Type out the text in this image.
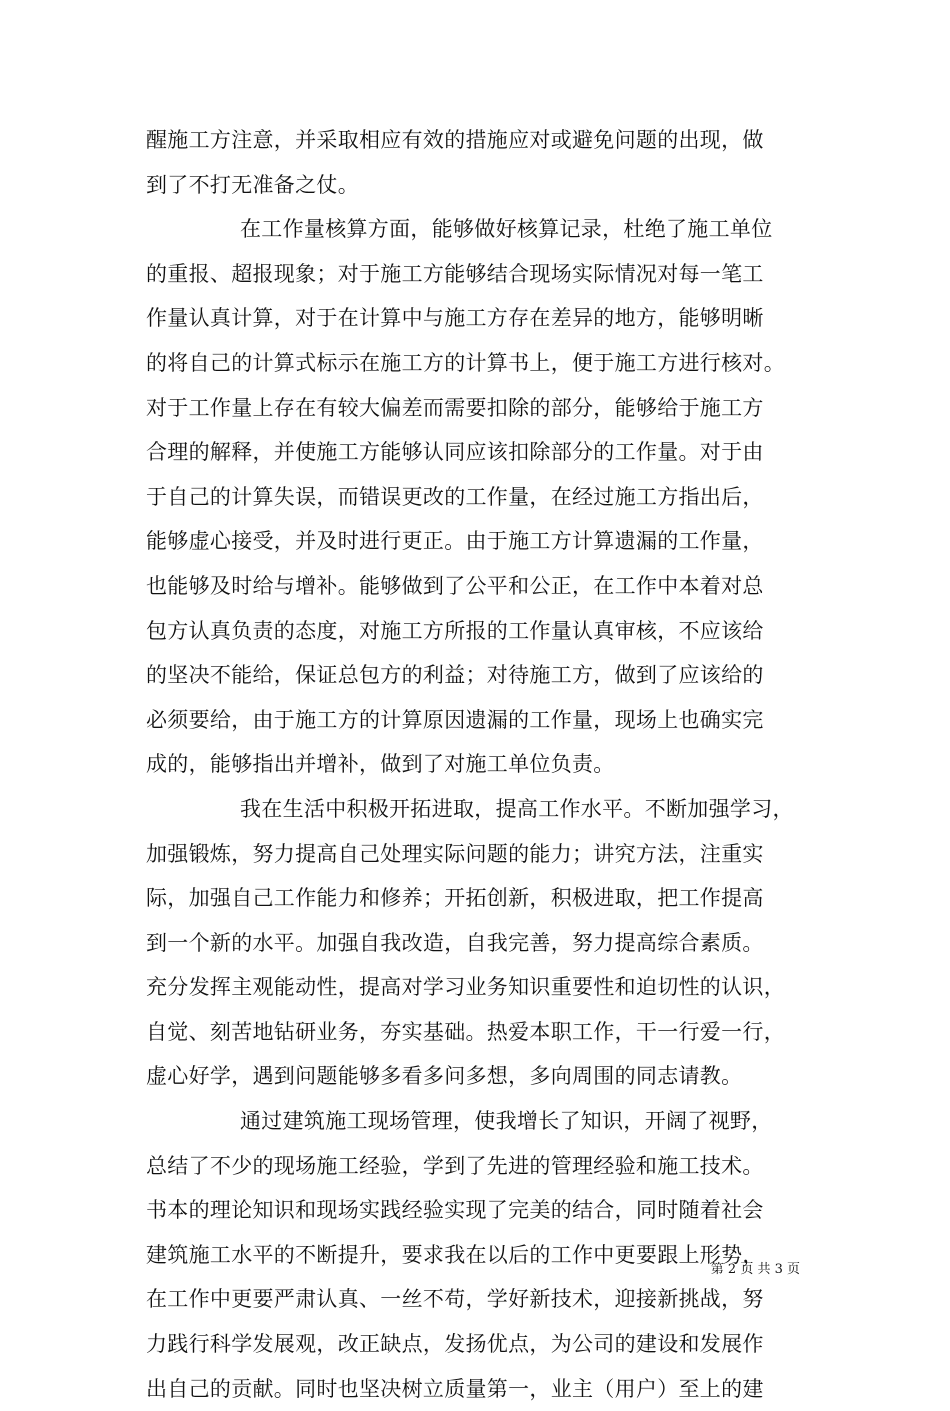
醒施工方注意，并采取相应有效的措施应对或避免问题的出现，做
到了不打无准备之仗。
在工作量核算方面，能够做好核算记录，杜绝了施工单位
的重报、超报现象；对于施工方能够结合现场实际情况对每一笔工
作量认真计算，对于在计算中与施工方存在差异的地方，能够明晰
的将自己的计算式标示在施工方的计算书上，便于施工方进行核对。
对于工作量上存在有较大偏差而需要扣除的部分，能够给于施工方
合理的解释，并使施工方能够认同应该扣除部分的工作量。对于由
于自己的计算失误，而错误更改的工作量，在经过施工方指出后，
能够虚心接受，并及时进行更正。由于施工方计算遗漏的工作量，
也能够及时给与增补。能够做到了公平和公正，在工作中本着对总
包方认真负责的态度，对施工方所报的工作量认真审核，不应该给
的坚决不能给，保证总包方的利益；对待施工方，做到了应该给的
必须要给，由于施工方的计算原因遗漏的工作量，现场上也确实完
成的，能够指出并增补，做到了对施工单位负责。
我在生活中积极开拓进取，提高工作水平。不断加强学习，
加强锻炼，努力提高自己处理实际问题的能力；讲究方法，注重实
际，加强自己工作能力和修养；开拓创新，积极进取，把工作提高
到一个新的水平。加强自我改造，自我完善，努力提高综合素质。
充分发挥主观能动性，提高对学习业务知识重要性和迫切性的认识，
自觉、刻苦地钻研业务，夯实基础。热爱本职工作，干一行爱一行，
虚心好学，遇到问题能够多看多问多想，多向周围的同志请教。
通过建筑施工现场管理，使我增长了知识，开阔了视野，
总结了不少的现场施工经验，学到了先进的管理经验和施工技术。
书本的理论知识和现场实践经验实现了完美的结合，同时随着社会
建筑施工水平的不断提升，要求我在以后的工作中更要跟上形势，
在工作中更要严肃认真、一丝不苟，学好新技术，迎接新挑战，努
力践行科学发展观，改正缺点，发扬优点，为公司的建设和发展作
出自己的贡献。同时也坚决树立质量第一，业主（用户）至上的建
第 2 页 共 3 页
